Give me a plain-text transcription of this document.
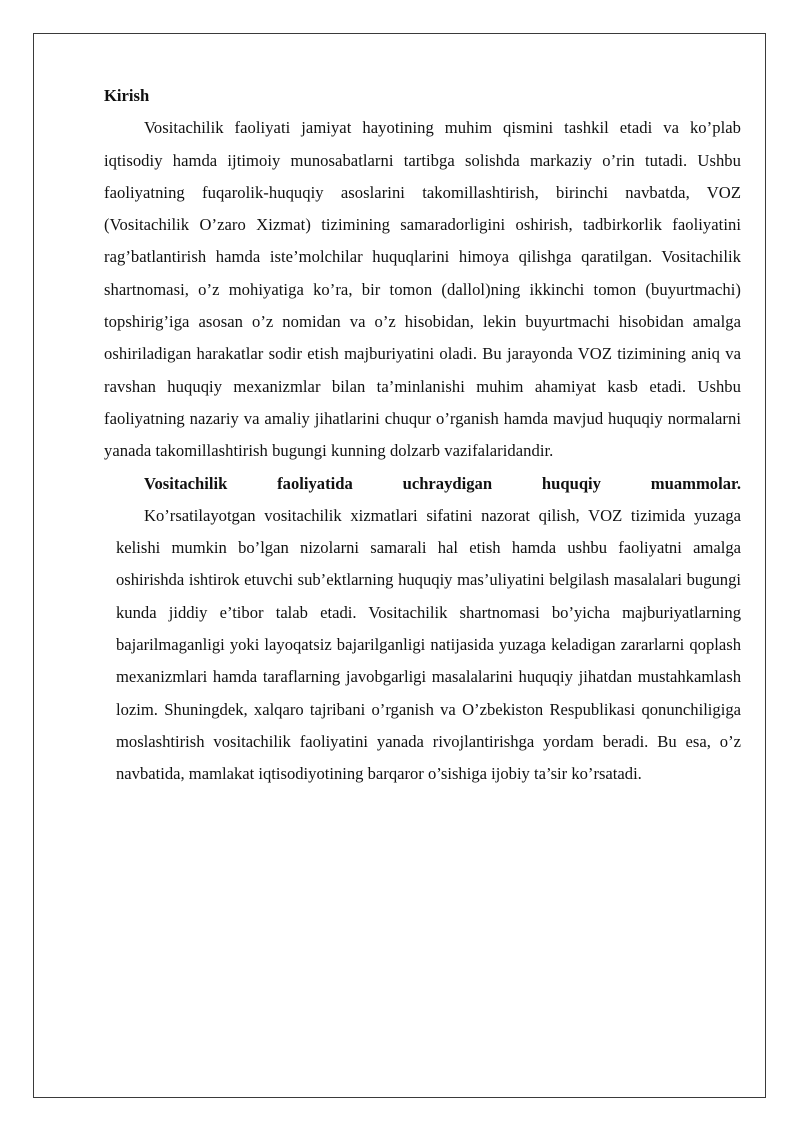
Kirish

Vositachilik faoliyati jamiyat hayotining muhim qismini tashkil etadi va ko’plab iqtisodiy hamda ijtimoiy munosabatlarni tartibga solishda markaziy o’rin tutadi. Ushbu faoliyatning fuqarolik-huquqiy asoslarini takomillashtirish, birinchi navbatda, VOZ (Vositachilik O’zaro Xizmat) tizimining samaradorligini oshirish, tadbirkorlik faoliyatini rag’batlantirish hamda iste’molchilar huquqlarini himoya qilishga qaratilgan. Vositachilik shartnomasi, o’z mohiyatiga ko’ra, bir tomon (dallol)ning ikkinchi tomon (buyurtmachi) topshirig’iga asosan o’z nomidan va o’z hisobidan, lekin buyurtmachi hisobidan amalga oshiriladigan harakatlar sodir etish majburiyatini oladi. Bu jarayonda VOZ tizimining aniq va ravshan huquqiy mexanizmlar bilan ta’minlanishi muhim ahamiyat kasb etadi. Ushbu faoliyatning nazariy va amaliy jihatlarini chuqur o’rganish hamda mavjud huquqiy normalarni yanada takomillashtirish bugungi kunning dolzarb vazifalaridandir.

Vositachilik faoliyatida uchraydigan huquqiy muammolar.

Ko’rsatilayotgan vositachilik xizmatlari sifatini nazorat qilish, VOZ tizimida yuzaga kelishi mumkin bo’lgan nizolarni samarali hal etish hamda ushbu faoliyatni amalga oshirishda ishtirok etuvchi sub’ektlarning huquqiy mas’uliyatini belgilash masalalari bugungi kunda jiddiy e’tibor talab etadi. Vositachilik shartnomasi bo’yicha majburiyatlarning bajarilmaganligi yoki layoqatsiz bajarilganligi natijasida yuzaga keladigan zararlarni qoplash mexanizmlari hamda taraflarning javobgarligi masalalarini huquqiy jihatdan mustahkamlash lozim. Shuningdek, xalqaro tajribani o’rganish va O’zbekiston Respublikasi qonunchiligiga moslashtirish vositachilik faoliyatini yanada rivojlantirishga yordam beradi. Bu esa, o’z navbatida, mamlakat iqtisodiyotining barqaror o’sishiga ijobiy ta’sir ko’rsatadi.
